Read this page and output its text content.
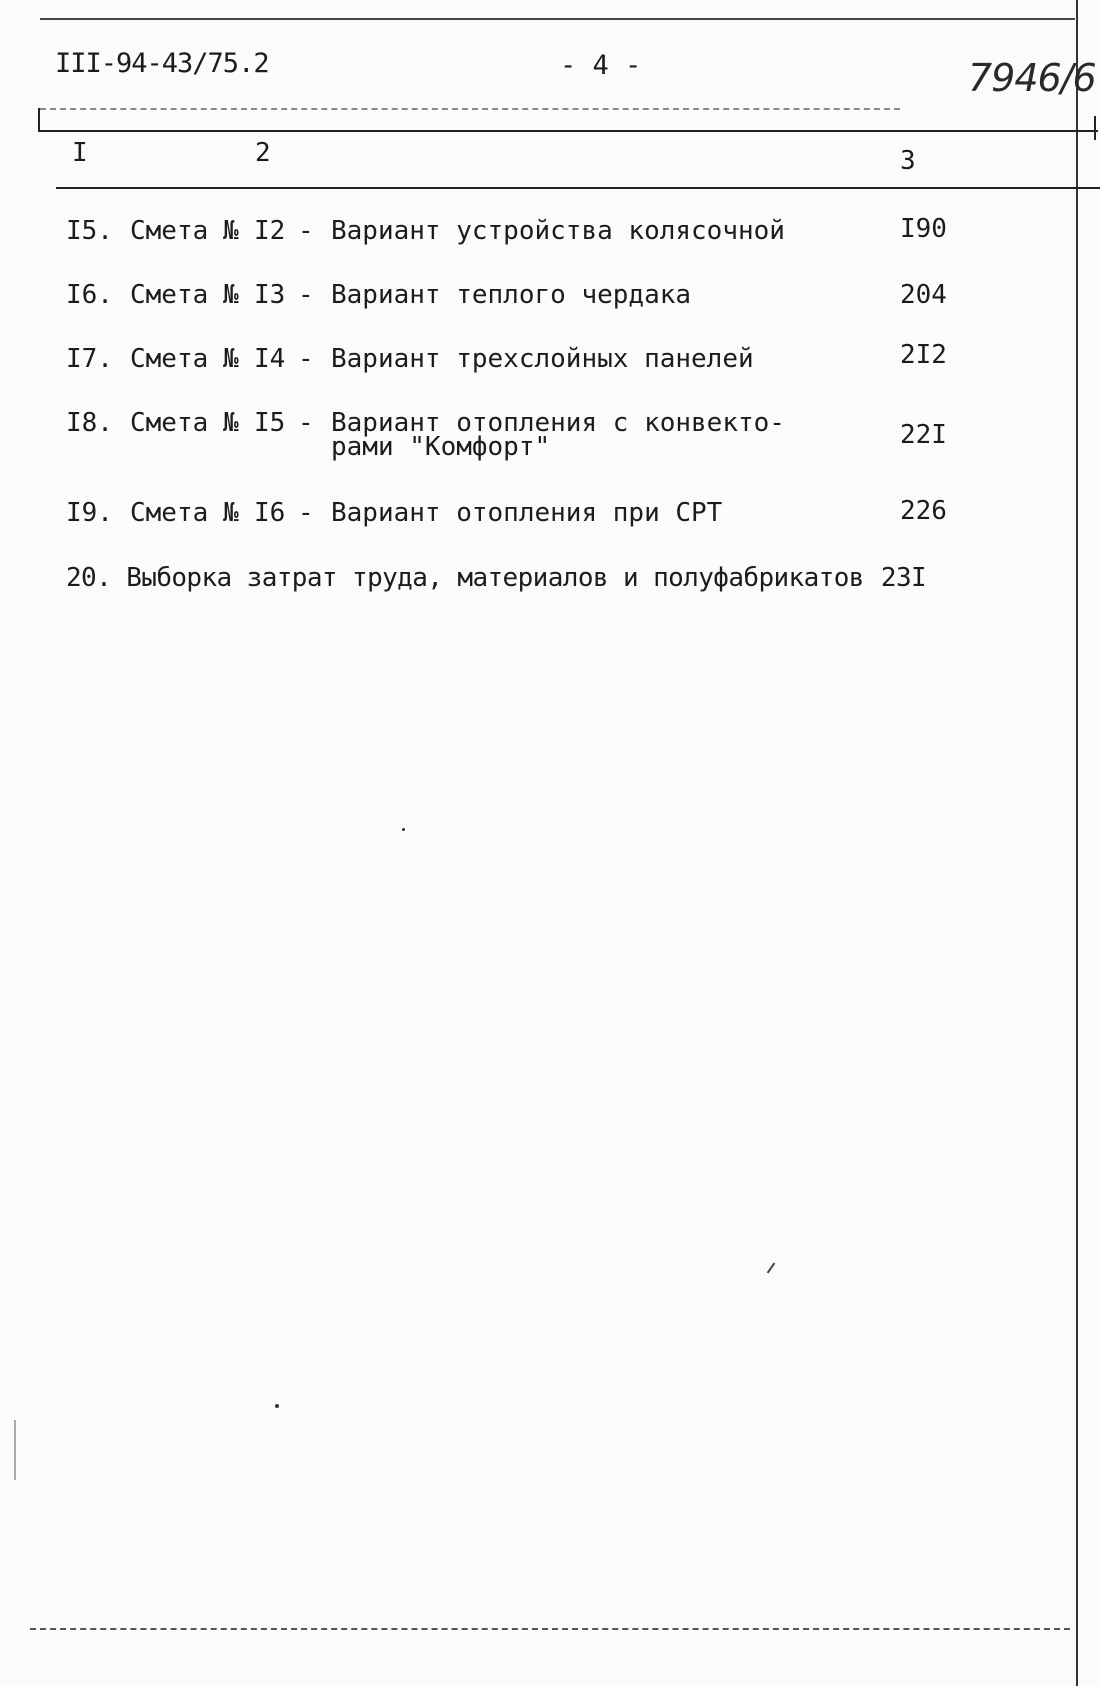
III-94-43/75.2	- 4 -	7946/6
I	2	3
I5. Смета № I2 - Вариант устройства колясочной	I90
I6. Смета № I3 - Вариант теплого чердака	204
I7. Смета № I4 - Вариант трехслойных панелей	2I2
I8. Смета № I5 - Вариант отопления с конвекто-
рами "Комфорт"	22I
I9. Смета № I6 - Вариант отопления при СРТ	226
20. Выборка затрат труда, материалов и полуфабрикатов 23I
